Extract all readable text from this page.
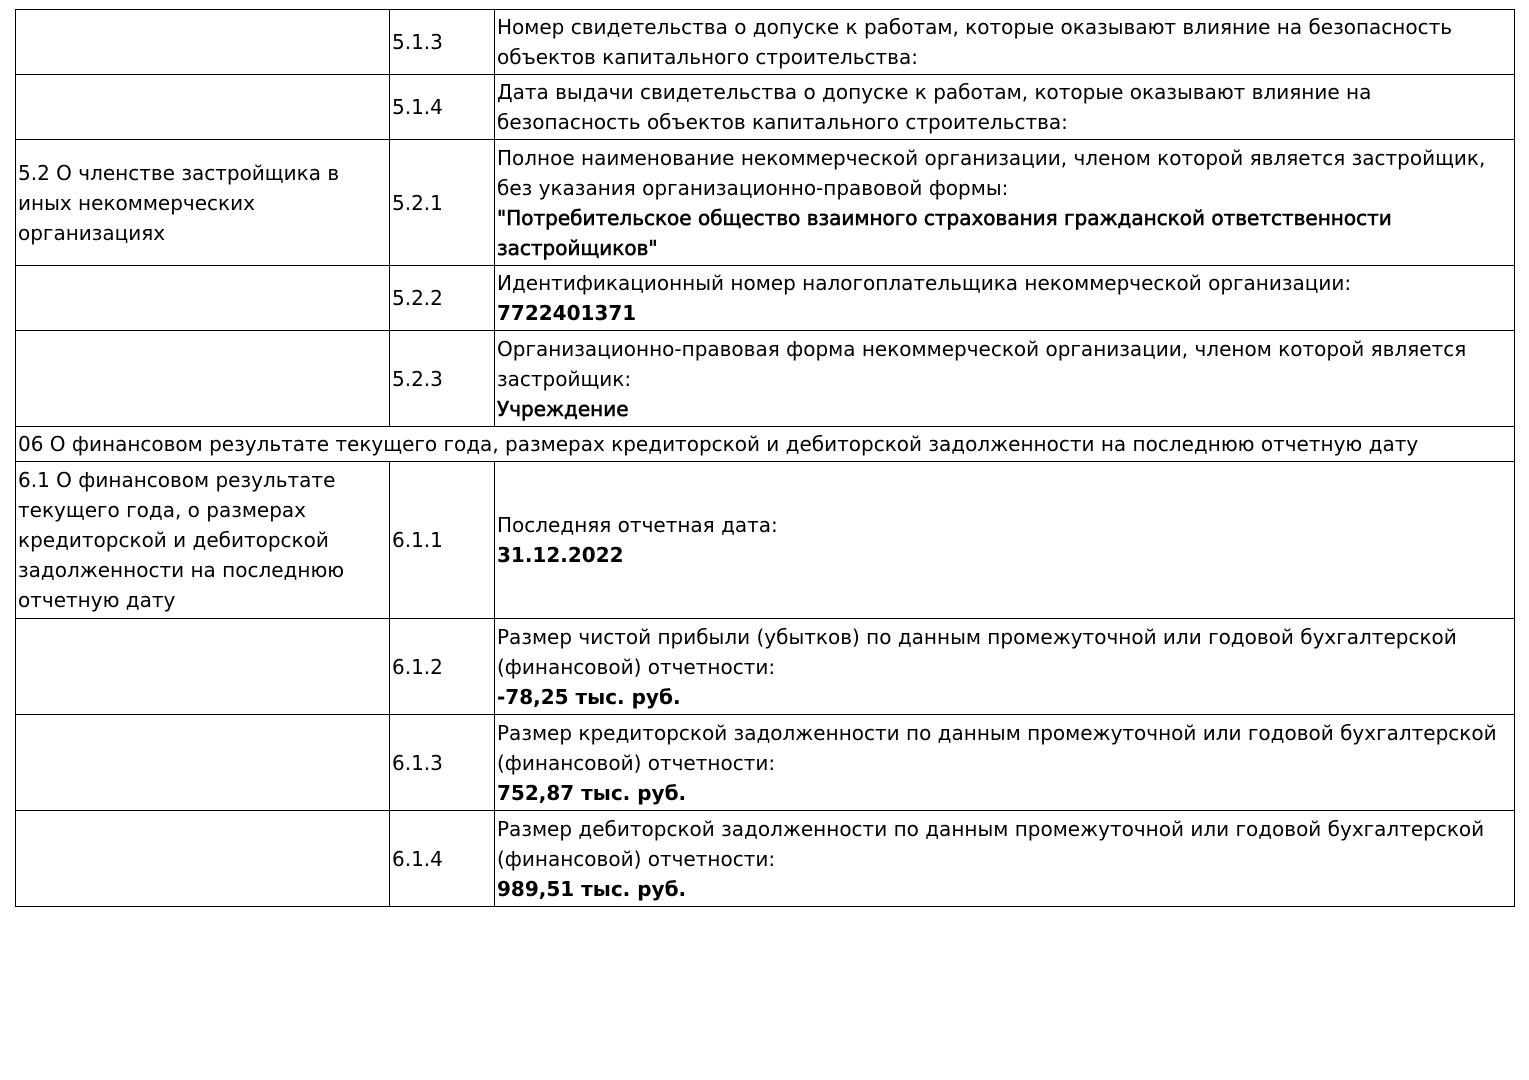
	5.1.3	Номер свидетельства о допуске к работам, которые оказывают влияние на безопасность объектов капитального строительства:

	5.1.4	Дата выдачи свидетельства о допуске к работам, которые оказывают влияние на безопасность объектов капитального строительства:

5.2 О членстве застройщика в иных некоммерческих организациях	5.2.1	Полное наименование некоммерческой организации, членом которой является застройщик, без указания организационно-правовой формы:
"Потребительское общество взаимного страхования гражданской ответственности застройщиков"

	5.2.2	Идентификационный номер налогоплательщика некоммерческой организации:
7722401371

	5.2.3	Организационно-правовая форма некоммерческой организации, членом которой является застройщик:
Учреждение

06 О финансовом результате текущего года, размерах кредиторской и дебиторской задолженности на последнюю отчетную дату		
6.1 О финансовом результате текущего года, о размерах кредиторской и дебиторской задолженности на последнюю отчетную дату	6.1.1	Последняя отчетная дата:
31.12.2022

	6.1.2	Размер чистой прибыли (убытков) по данным промежуточной или годовой бухгалтерской (финансовой) отчетности:
-78,25 тыс. руб.

	6.1.3	Размер кредиторской задолженности по данным промежуточной или годовой бухгалтерской (финансовой) отчетности:
752,87 тыс. руб.

	6.1.4	Размер дебиторской задолженности по данным промежуточной или годовой бухгалтерской (финансовой) отчетности:
989,51 тыс. руб.
